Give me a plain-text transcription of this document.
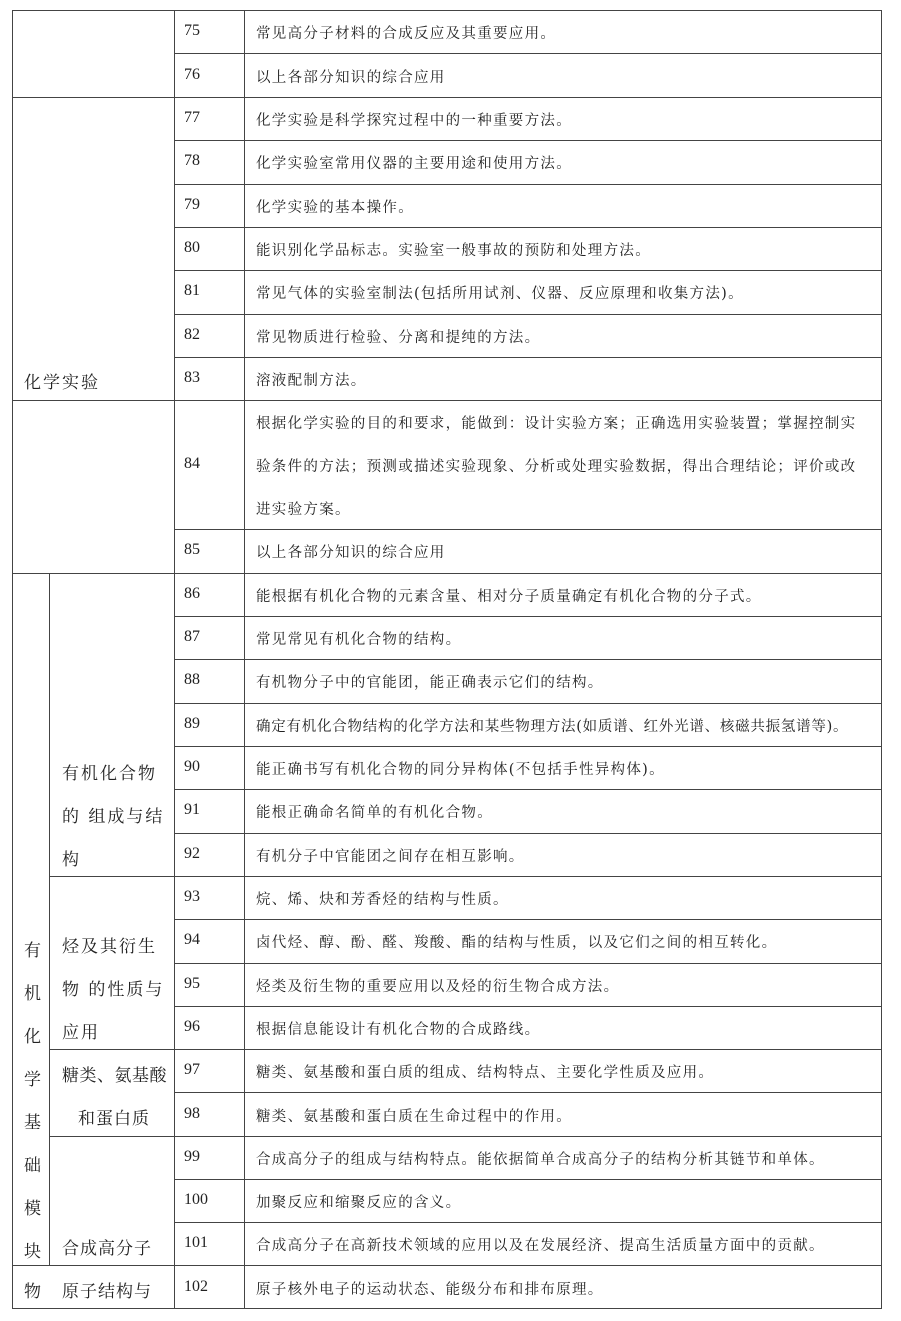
75
76
77
78
79
80
81
82
83
84
85
86
87
88
89
90
91
92
93
94
95
96
97
98
99
100
101
102
常见高分子材料的合成反应及其重要应用。
以上各部分知识的综合应用
化学实验是科学探究过程中的一种重要方法。
化学实验室常用仪器的主要用途和使用方法。
化学实验的基本操作。
能识别化学品标志。实验室一般事故的预防和处理方法。
常见气体的实验室制法(包括所用试剂、仪器、反应原理和收集方法)。
常见物质进行检验、分离和提纯的方法。
溶液配制方法。
根据化学实验的目的和要求，能做到：设计实验方案；正确选用实验装置；掌握控制实
验条件的方法；预测或描述实验现象、分析或处理实验数据，得出合理结论；评价或改
进实验方案。
以上各部分知识的综合应用
能根据有机化合物的元素含量、相对分子质量确定有机化合物的分子式。
常见常见有机化合物的结构。
有机物分子中的官能团，能正确表示它们的结构。
确定有机化合物结构的化学方法和某些物理方法(如质谱、红外光谱、核磁共振氢谱等)。
能正确书写有机化合物的同分异构体(不包括手性异构体)。
能根正确命名简单的有机化合物。
有机分子中官能团之间存在相互影响。
烷、烯、炔和芳香烃的结构与性质。
卤代烃、醇、酚、醛、羧酸、酯的结构与性质，以及它们之间的相互转化。
烃类及衍生物的重要应用以及烃的衍生物合成方法。
根据信息能设计有机化合物的合成路线。
糖类、氨基酸和蛋白质的组成、结构特点、主要化学性质及应用。
糖类、氨基酸和蛋白质在生命过程中的作用。
合成高分子的组成与结构特点。能依据简单合成高分子的结构分析其链节和单体。
加聚反应和缩聚反应的含义。
合成高分子在高新技术领域的应用以及在发展经济、提高生活质量方面中的贡献。
原子核外电子的运动状态、能级分布和排布原理。
化学实验
有
机
化
学
基
础
模
块
物
有机化合物
的 组成与结
构
烃及其衍生
物 的性质与
应用
糖类、氨基酸
和蛋白质
合成高分子
原子结构与
